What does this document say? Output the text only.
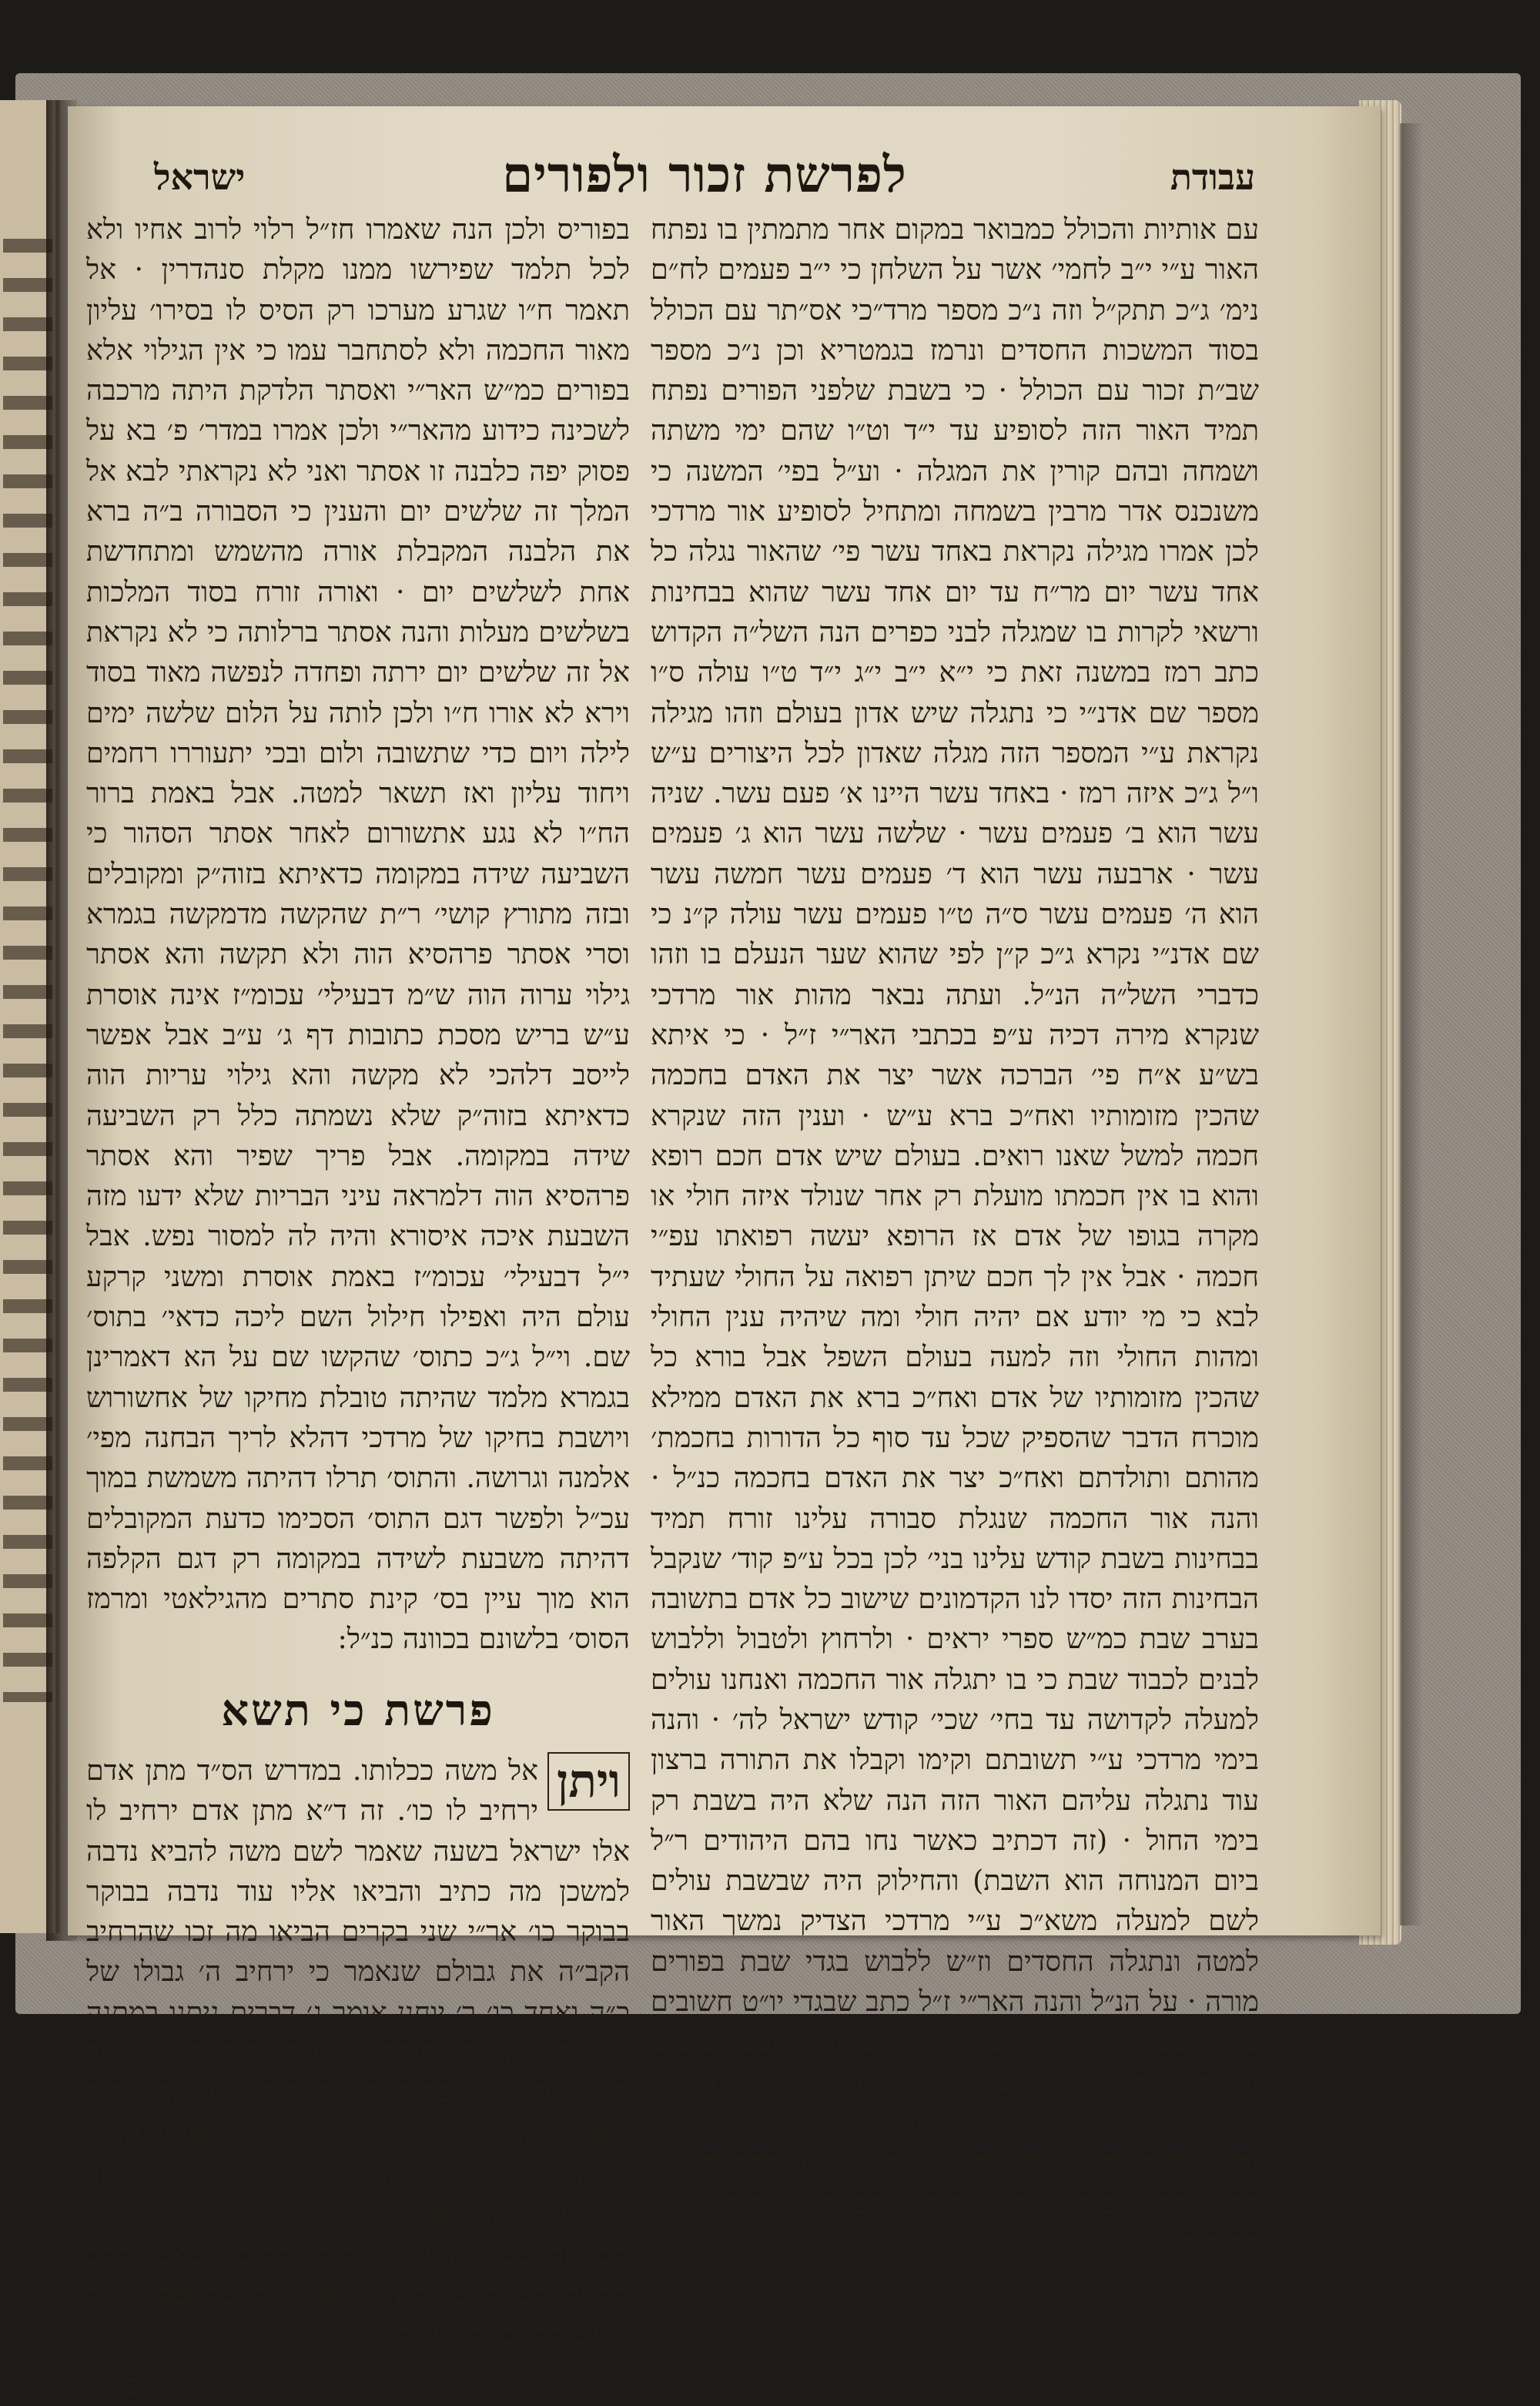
עבודת
לפרשת זכור ולפורים
ישראל

עם אותיות והכולל כמבואר במקום אחר מתמתין בו נפתח האור ע״י י״ב לחמי׳ אשר על השלחן כי י״ב פעמים לח״ם נימ׳ ג״כ תתק״ל וזה נ״כ מספר מרד״כי אס״תר עם הכולל בסוד המשכות החסדים ונרמז בגמטריא וכן נ״כ מספר שב״ת זכור עם הכולל · כי בשבת שלפני הפורים נפתח תמיד האור הזה לסופיע עד י״ד וט״ו שהם ימי משתה ושמחה ובהם קורין את המגלה · וע״ל בפי׳ המשנה כי משנכנס אדר מרבין בשמחה ומתחיל לסופיע אור מרדכי לכן אמרו מגילה נקראת באחד עשר פי׳ שהאור נגלה כל אחד עשר יום מר״ח עד יום אחד עשר שהוא בבחינות ורשאי לקרות בו שמגלה לבני כפרים הנה השל״ה הקדוש כתב רמז במשנה זאת כי י״א י״ב י״ג י״ד ט״ו עולה ס״ו מספר שם אדנ״י כי נתגלה שיש אדון בעולם וזהו מגילה נקראת ע״י המספר הזה מגלה שאדון לכל היצורים ע״ש ו״ל ג״כ איזה רמז · באחד עשר היינו א׳ פעם עשר. שניה עשר הוא ב׳ פעמים עשר · שלשה עשר הוא ג׳ פעמים עשר · ארבעה עשר הוא ד׳ פעמים עשר חמשה עשר הוא ה׳ פעמים עשר ס״ה ט״ו פעמים עשר עולה ק״נ כי שם אדנ״י נקרא ג״כ ק״ן לפי שהוא שער הנעלם בו וזהו כדברי השל״ה הנ״ל. ועתה נבאר מהות אור מרדכי שנקרא מירה דכיה ע״פ בכתבי האר״י ז״ל · כי איתא בש״ע א״ח פי׳ הברכה אשר יצר את האדם בחכמה שהכין מזומותיו ואח״כ ברא ע״ש · וענין הזה שנקרא חכמה למשל שאנו רואים. בעולם שיש אדם חכם רופא והוא בו אין חכמתו מועלת רק אחר שנולד איזה חולי או מקרה בגופו של אדם אז הרופא יעשה רפואתו עפ״י חכמה · אבל אין לך חכם שיתן רפואה על החולי שעתיד לבא כי מי יודע אם יהיה חולי ומה שיהיה ענין החולי ומהות החולי וזה למעה בעולם השפל אבל בורא כל שהכין מזומותיו של אדם ואח״כ ברא את האדם ממילא מוכרח הדבר שהספיק שכל עד סוף כל הדורות בחכמת׳ מהותם ותולדתם ואח״כ יצר את האדם בחכמה כנ״ל · והנה אור החכמה שנגלת סבורה עלינו זורח תמיד בבחינות בשבת קודש עלינו בני׳ לכן בכל ע״פ קוד׳ שנקבל הבחינות הזה יסדו לנו הקדמונים שישוב כל אדם בתשובה בערב שבת כמ״ש ספרי יראים · ולרחוץ ולטבול וללבוש לבנים לכבוד שבת כי בו יתגלה אור החכמה ואנחנו עולים למעלה לקדושה עד בחי׳ שכי׳ קודש ישראל לה׳ · והנה בימי מרדכי ע״י תשובתם וקימו וקבלו את התורה ברצון עוד נתגלה עליהם האור הזה הנה שלא היה בשבת רק בימי החול · (זה דכתיב כאשר נחו בהם היהודים ר״ל ביום המנוחה הוא השבת) והחילוק היה שבשבת עולים לשם למעלה משא״כ ע״י מרדכי הצדיק נמשך האור למטה ונתגלה החסדים וז״ש ללבוש בגדי שבת בפורים מורה · על הנ״ל והנה האר״י ז״ל כתב שבגדי יו״ט חשובים משל שבת כי ביו״ט בא האור עליון מלובש בלבוש והשמחה מופגת יותר ע״ש אבל בפורים אין מן הצורך ללבוש בגדי יו״ט כי האור הזה שזורח למטה אינו כ״כ גדול והיינו לריך ללבוש רק מחמת שהוא מאור החכמה לכן לריך ללבוש בגדי שבת · והנה מרדכי האור הזה יש לו התגלות

בפוריס ולכן הנה שאמרו חז״ל רלוי לרוב אחיו ולא לכל תלמד שפירשו ממנו מקלת סנהדרין · אל תאמר ח״ו שגרע מערכו רק הסיס לו בסירו׳ עליון מאור החכמה ולא לסתחבר עמו כי אין הגילוי אלא בפורים כמ״ש האר״י ואסתר הלדקת היתה מרכבה לשכינה כידוע מהאר״י ולכן אמרו במדר׳ פ׳ בא על פסוק יפה כלבנה זו אסתר ואני לא נקראתי לבא אל המלך זה שלשים יום והענין כי הסבורה ב״ה ברא את הלבנה המקבלת אורה מהשמש ומתחדשת אחת לשלשים יום · ואורה זורח בסוד המלכות בשלשים מעלות והנה אסתר ברלותה כי לא נקראת אל זה שלשים יום ירתה ופחדה לנפשה מאוד בסוד וירא לא אורו ח״ו ולכן לותה על הלום שלשה ימים לילה ויום כדי שתשובה ולום ובכי יתעוררו רחמים ויחוד עליון ואז תשאר למטה. אבל באמת ברור הח״ו לא נגע אתשורום לאחר אסתר הסהור כי השביעה שידה במקומה כדאיתא בזוה״ק ומקובלים ובזה מתורץ קושי׳ ר״ת שהקשה מדמקשה בגמרא וסרי אסתר פרהסיא הוה ולא תקשה והא אסתר גילוי ערוה הוה ש״מ דבעילי׳ עכומ״ז אינה אוסרת ע״ש בריש מסכת כתובות דף ג׳ ע״ב אבל אפשר לייסב דלהכי לא מקשה והא גילוי עריות הוה כדאיתא בזוה״ק שלא נשמתה כלל רק השביעה שידה במקומה. אבל פריך שפיר והא אסתר פרהסיא הוה דלמראה עיני הבריות שלא ידעו מזה השבעת איכה איסורא והיה לה למסור נפש. אבל י״ל דבעילי׳ עכומ״ז באמת אוסרת ומשני קרקע עולם היה ואפילו חילול השם ליכה כדאי׳ בתוס׳ שם. וי״ל ג״כ כתוס׳ שהקשו שם על הא דאמרינן בגמרא מלמד שהיתה טובלת מחיקו של אחשורוש ויושבת בחיקו של מרדכי דהלא לריך הבחנה מפי׳ אלמנה וגרושה. והתוס׳ תרלו דהיתה משמשת במוך עכ״ל ולפשר דגם התוס׳ הסכימו כדעת המקובלים דהיתה משבעת לשידה במקומה רק דגם הקלפה הוא מוך עיין בס׳ קינת סתרים מהגילאטי ומרמז הסוס׳ בלשונם בכוונה כנ״ל:

פרשת כי תשא

ויתן
אל משה ככלותו. במדרש הס״ד מתן אדם ירחיב לו כו׳. זה ד״א מתן אדם ירחיב לו אלו ישראל בשעה שאמר לשם משה להביא נדבה למשכן מה כתיב והביאו אליו עוד נדבה בבוקר בבוקר כו׳ אר״י שני בקרים הביאו מה זכו שהרחיב הקב״ה את גבולם שנאמר כי ירחיב ה׳ גבולו של כ״ה ואחד כו׳ ר׳ יוחנן אומר ג׳ דברים ניתנו במתנה גשמים ומאורות ותורה כו׳ ע״כ. הנה ידוע מאמר רז״ל מה כתיב ככלה הכלה היה מקושטת בכ״ד קשוטין הן כ״ד ספרים וידוע שכל קישוטי הכתן שנותן לכלה כדי שמתעלה מן בעיניו וממילא אחר שמתעלה מן בעיניו הוא בודאי מוסיף לשלוח סבלונות וכמ״כ תמיד הוזרת חלילה כמו שאמר הרב הלדיק המגיד מסור״ר זושא זצ״ל על פסוק מה אשיב לה׳ כל תגמולוהי

פי׳
